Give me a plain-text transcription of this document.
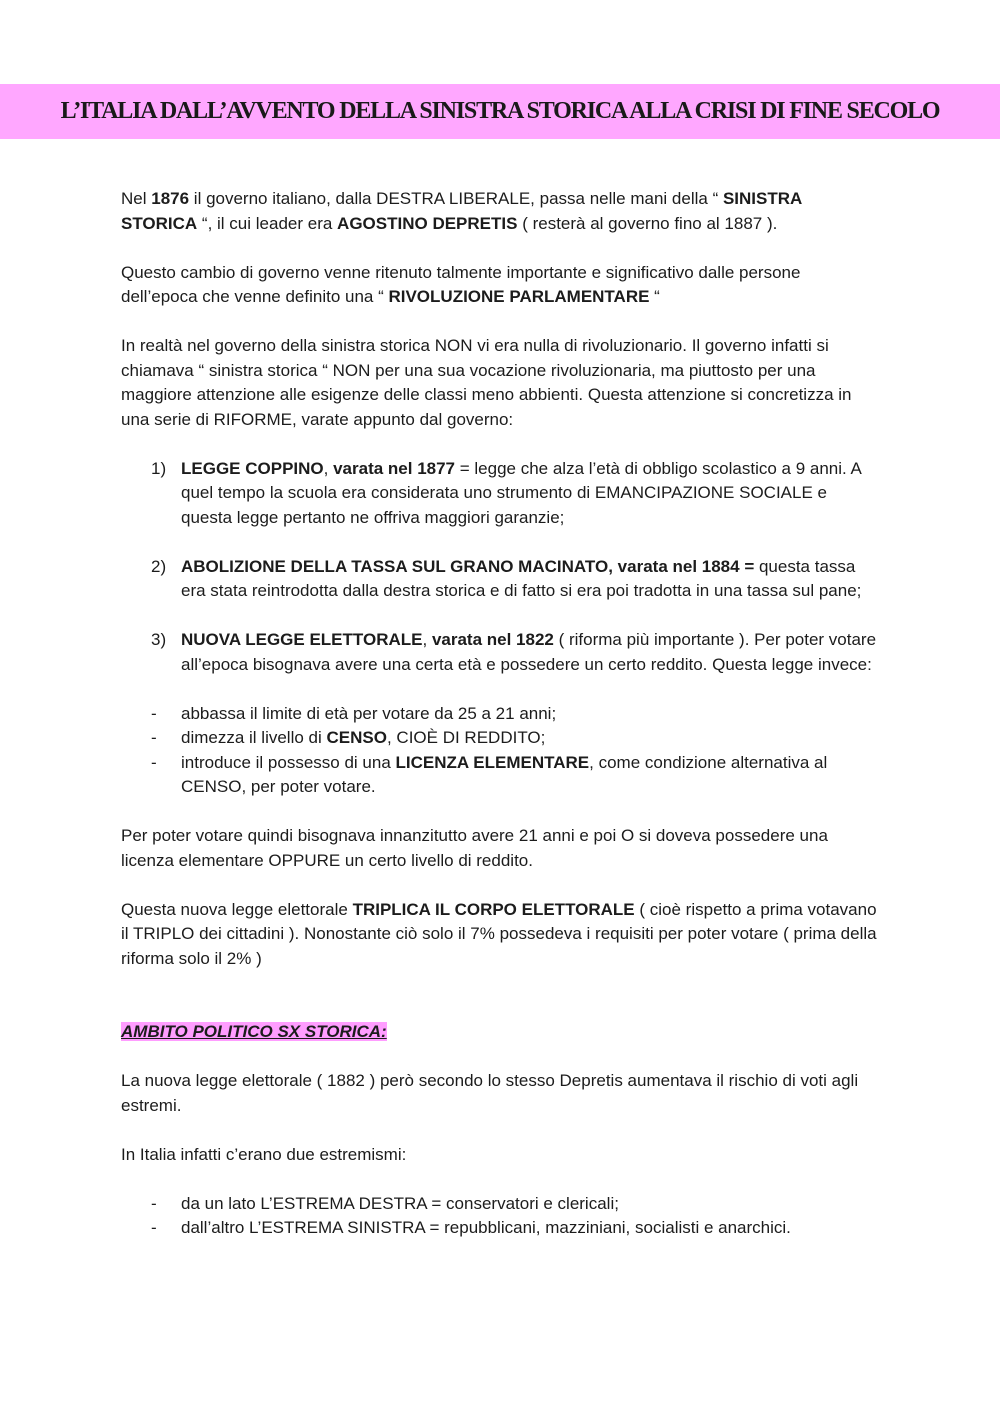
L’ITALIA DALL’AVVENTO DELLA SINISTRA STORICA ALLA CRISI DI FINE SECOLO

Nel 1876 il governo italiano, dalla DESTRA LIBERALE, passa nelle mani della “ SINISTRA STORICA “, il cui leader era AGOSTINO DEPRETIS ( resterà al governo fino al 1887 ).

Questo cambio di governo venne ritenuto talmente importante e significativo dalle persone dell’epoca che venne definito una “ RIVOLUZIONE PARLAMENTARE “

In realtà nel governo della sinistra storica NON vi era nulla di rivoluzionario. Il governo infatti si chiamava “ sinistra storica “ NON per una sua vocazione rivoluzionaria, ma piuttosto per una maggiore attenzione alle esigenze delle classi meno abbienti. Questa attenzione si concretizza in una serie di RIFORME, varate appunto dal governo:

1) LEGGE COPPINO, varata nel 1877 = legge che alza l’età di obbligo scolastico a 9 anni. A quel tempo la scuola era considerata uno strumento di EMANCIPAZIONE SOCIALE e questa legge pertanto ne offriva maggiori garanzie;
2) ABOLIZIONE DELLA TASSA SUL GRANO MACINATO, varata nel 1884 = questa tassa era stata reintrodotta dalla destra storica e di fatto si era poi tradotta in una tassa sul pane;
3) NUOVA LEGGE ELETTORALE, varata nel 1822 ( riforma più importante ). Per poter votare all’epoca bisognava avere una certa età e possedere un certo reddito. Questa legge invece:
- abbassa il limite di età per votare da 25 a 21 anni;
- dimezza il livello di CENSO, CIOÈ DI REDDITO;
- introduce il possesso di una LICENZA ELEMENTARE, come condizione alternativa al CENSO, per poter votare.

Per poter votare quindi bisognava innanzitutto avere 21 anni e poi O si doveva possedere una licenza elementare OPPURE un certo livello di reddito.

Questa nuova legge elettorale TRIPLICA IL CORPO ELETTORALE ( cioè rispetto a prima votavano il TRIPLO dei cittadini ). Nonostante ciò solo il 7% possedeva i requisiti per poter votare ( prima della riforma solo il 2% )

AMBITO POLITICO SX STORICA:

La nuova legge elettorale ( 1882 ) però secondo lo stesso Depretis aumentava il rischio di voti agli estremi.

In Italia infatti c’erano due estremismi:

- da un lato L’ESTREMA DESTRA = conservatori e clericali;
- dall’altro L’ESTREMA SINISTRA = repubblicani, mazziniani, socialisti e anarchici.
